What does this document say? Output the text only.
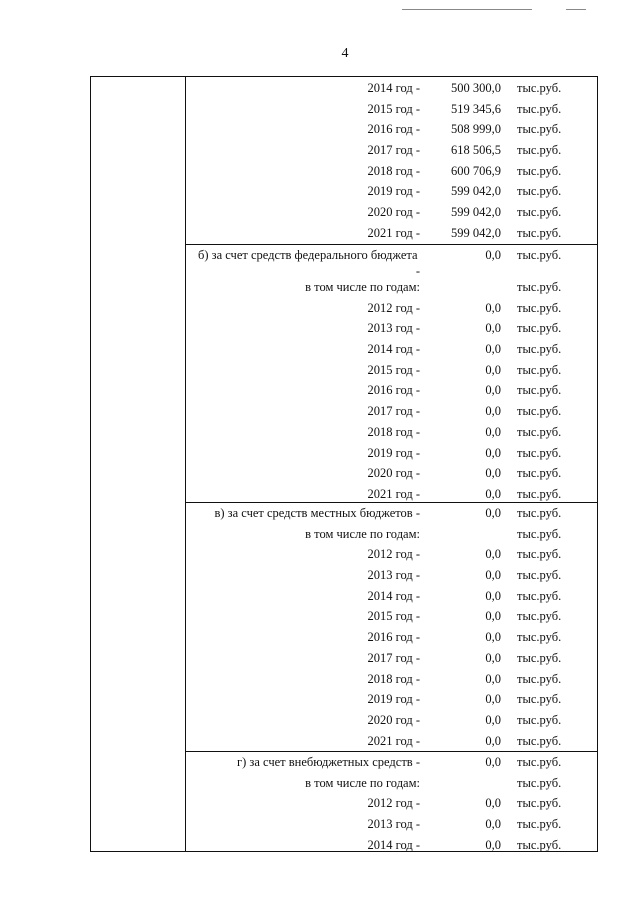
4
2014 год - 500 300,0 тыс.руб.
2015 год - 519 345,6 тыс.руб.
2016 год - 508 999,0 тыс.руб.
2017 год - 618 506,5 тыс.руб.
2018 год - 600 706,9 тыс.руб.
2019 год - 599 042,0 тыс.руб.
2020 год - 599 042,0 тыс.руб.
2021 год - 599 042,0 тыс.руб.
б) за счет средств федерального бюджета	0,0 тыс.руб.
-
в том числе по годам:	тыс.руб.
2012 год -	0,0 тыс.руб.
2013 год -	0,0 тыс.руб.
2014 год -	0,0 тыс.руб.
2015 год -	0,0 тыс.руб.
2016 год -	0,0 тыс.руб.
2017 год -	0,0 тыс.руб.
2018 год -	0,0 тыс.руб.
2019 год -	0,0 тыс.руб.
2020 год -	0,0 тыс.руб.
2021 год -	0,0 тыс.руб.
в) за счет средств местных бюджетов -	0,0 тыс.руб.
в том числе по годам:	тыс.руб.
2012 год -	0,0 тыс.руб.
2013 год -	0,0 тыс.руб.
2014 год -	0,0 тыс.руб.
2015 год -	0,0 тыс.руб.
2016 год -	0,0 тыс.руб.
2017 год -	0,0 тыс.руб.
2018 год -	0,0 тыс.руб.
2019 год -	0,0 тыс.руб.
2020 год -	0,0 тыс.руб.
2021 год -	0,0 тыс.руб.
г) за счет внебюджетных средств -	0,0 тыс.руб.
в том числе по годам:	тыс.руб.
2012 год -	0,0 тыс.руб.
2013 год -	0,0 тыс.руб.
2014 год -	0,0 тыс.руб.
